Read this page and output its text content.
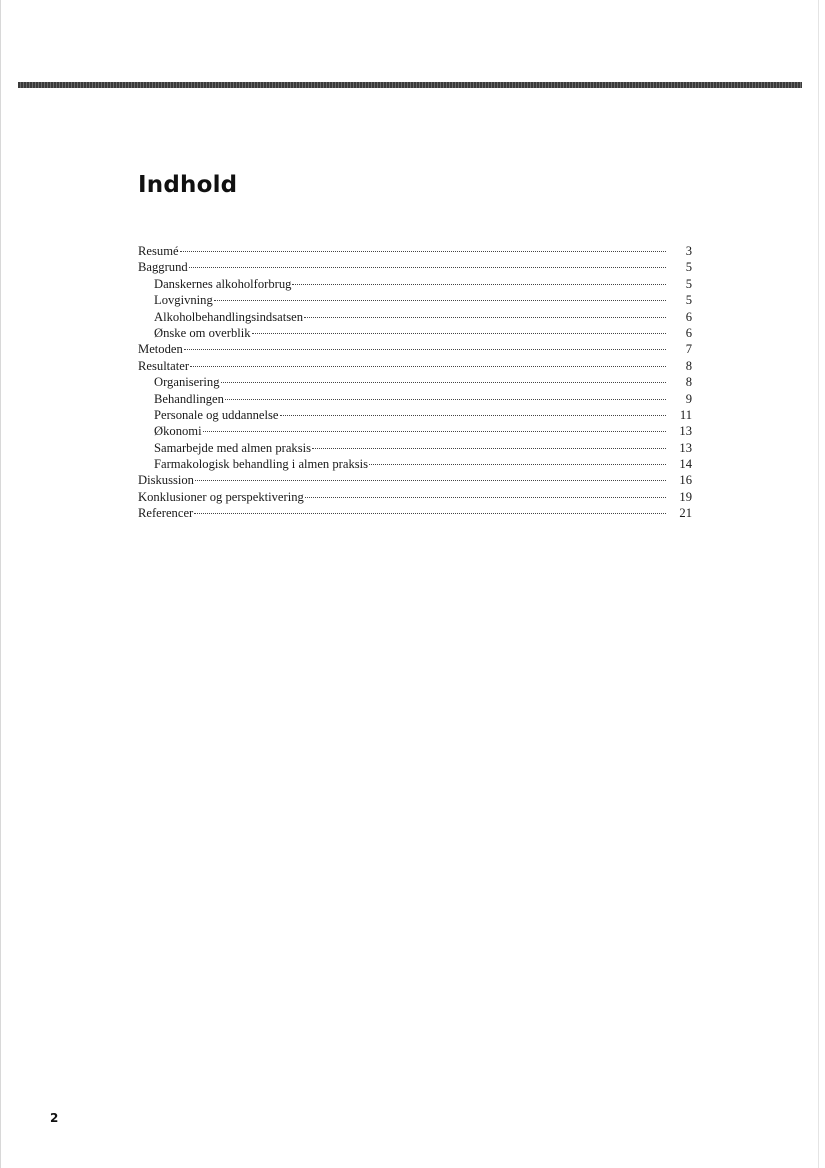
Indhold
Resumé	3
Baggrund	5
Danskernes alkoholforbrug	5
Lovgivning	5
Alkoholbehandlingsindsatsen	6
Ønske om overblik	6
Metoden	7
Resultater	8
Organisering	8
Behandlingen	9
Personale og uddannelse	11
Økonomi	13
Samarbejde med almen praksis	13
Farmakologisk behandling i almen praksis	14
Diskussion	16
Konklusioner og perspektivering	19
Referencer	21
2
